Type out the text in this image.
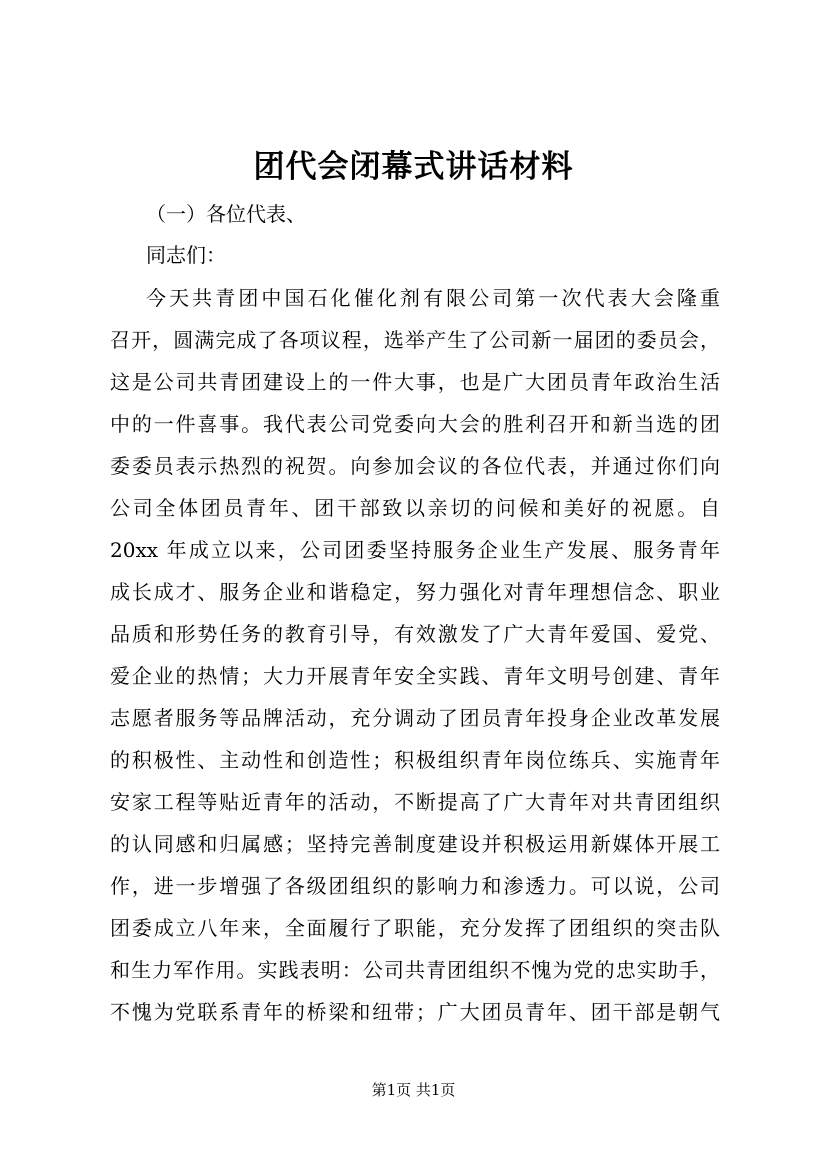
团代会闭幕式讲话材料
（一）各位代表、
同志们：
今天共青团中国石化催化剂有限公司第一次代表大会隆重
召开，圆满完成了各项议程，选举产生了公司新一届团的委员会，
这是公司共青团建设上的一件大事，也是广大团员青年政治生活
中的一件喜事。我代表公司党委向大会的胜利召开和新当选的团
委委员表示热烈的祝贺。向参加会议的各位代表，并通过你们向
公司全体团员青年、团干部致以亲切的问候和美好的祝愿。自
20xx 年成立以来，公司团委坚持服务企业生产发展、服务青年
成长成才、服务企业和谐稳定，努力强化对青年理想信念、职业
品质和形势任务的教育引导，有效激发了广大青年爱国、爱党、
爱企业的热情；大力开展青年安全实践、青年文明号创建、青年
志愿者服务等品牌活动，充分调动了团员青年投身企业改革发展
的积极性、主动性和创造性；积极组织青年岗位练兵、实施青年
安家工程等贴近青年的活动，不断提高了广大青年对共青团组织
的认同感和归属感；坚持完善制度建设并积极运用新媒体开展工
作，进一步增强了各级团组织的影响力和渗透力。可以说，公司
团委成立八年来，全面履行了职能，充分发挥了团组织的突击队
和生力军作用。实践表明：公司共青团组织不愧为党的忠实助手，
不愧为党联系青年的桥梁和纽带；广大团员青年、团干部是朝气
第1页 共1页
